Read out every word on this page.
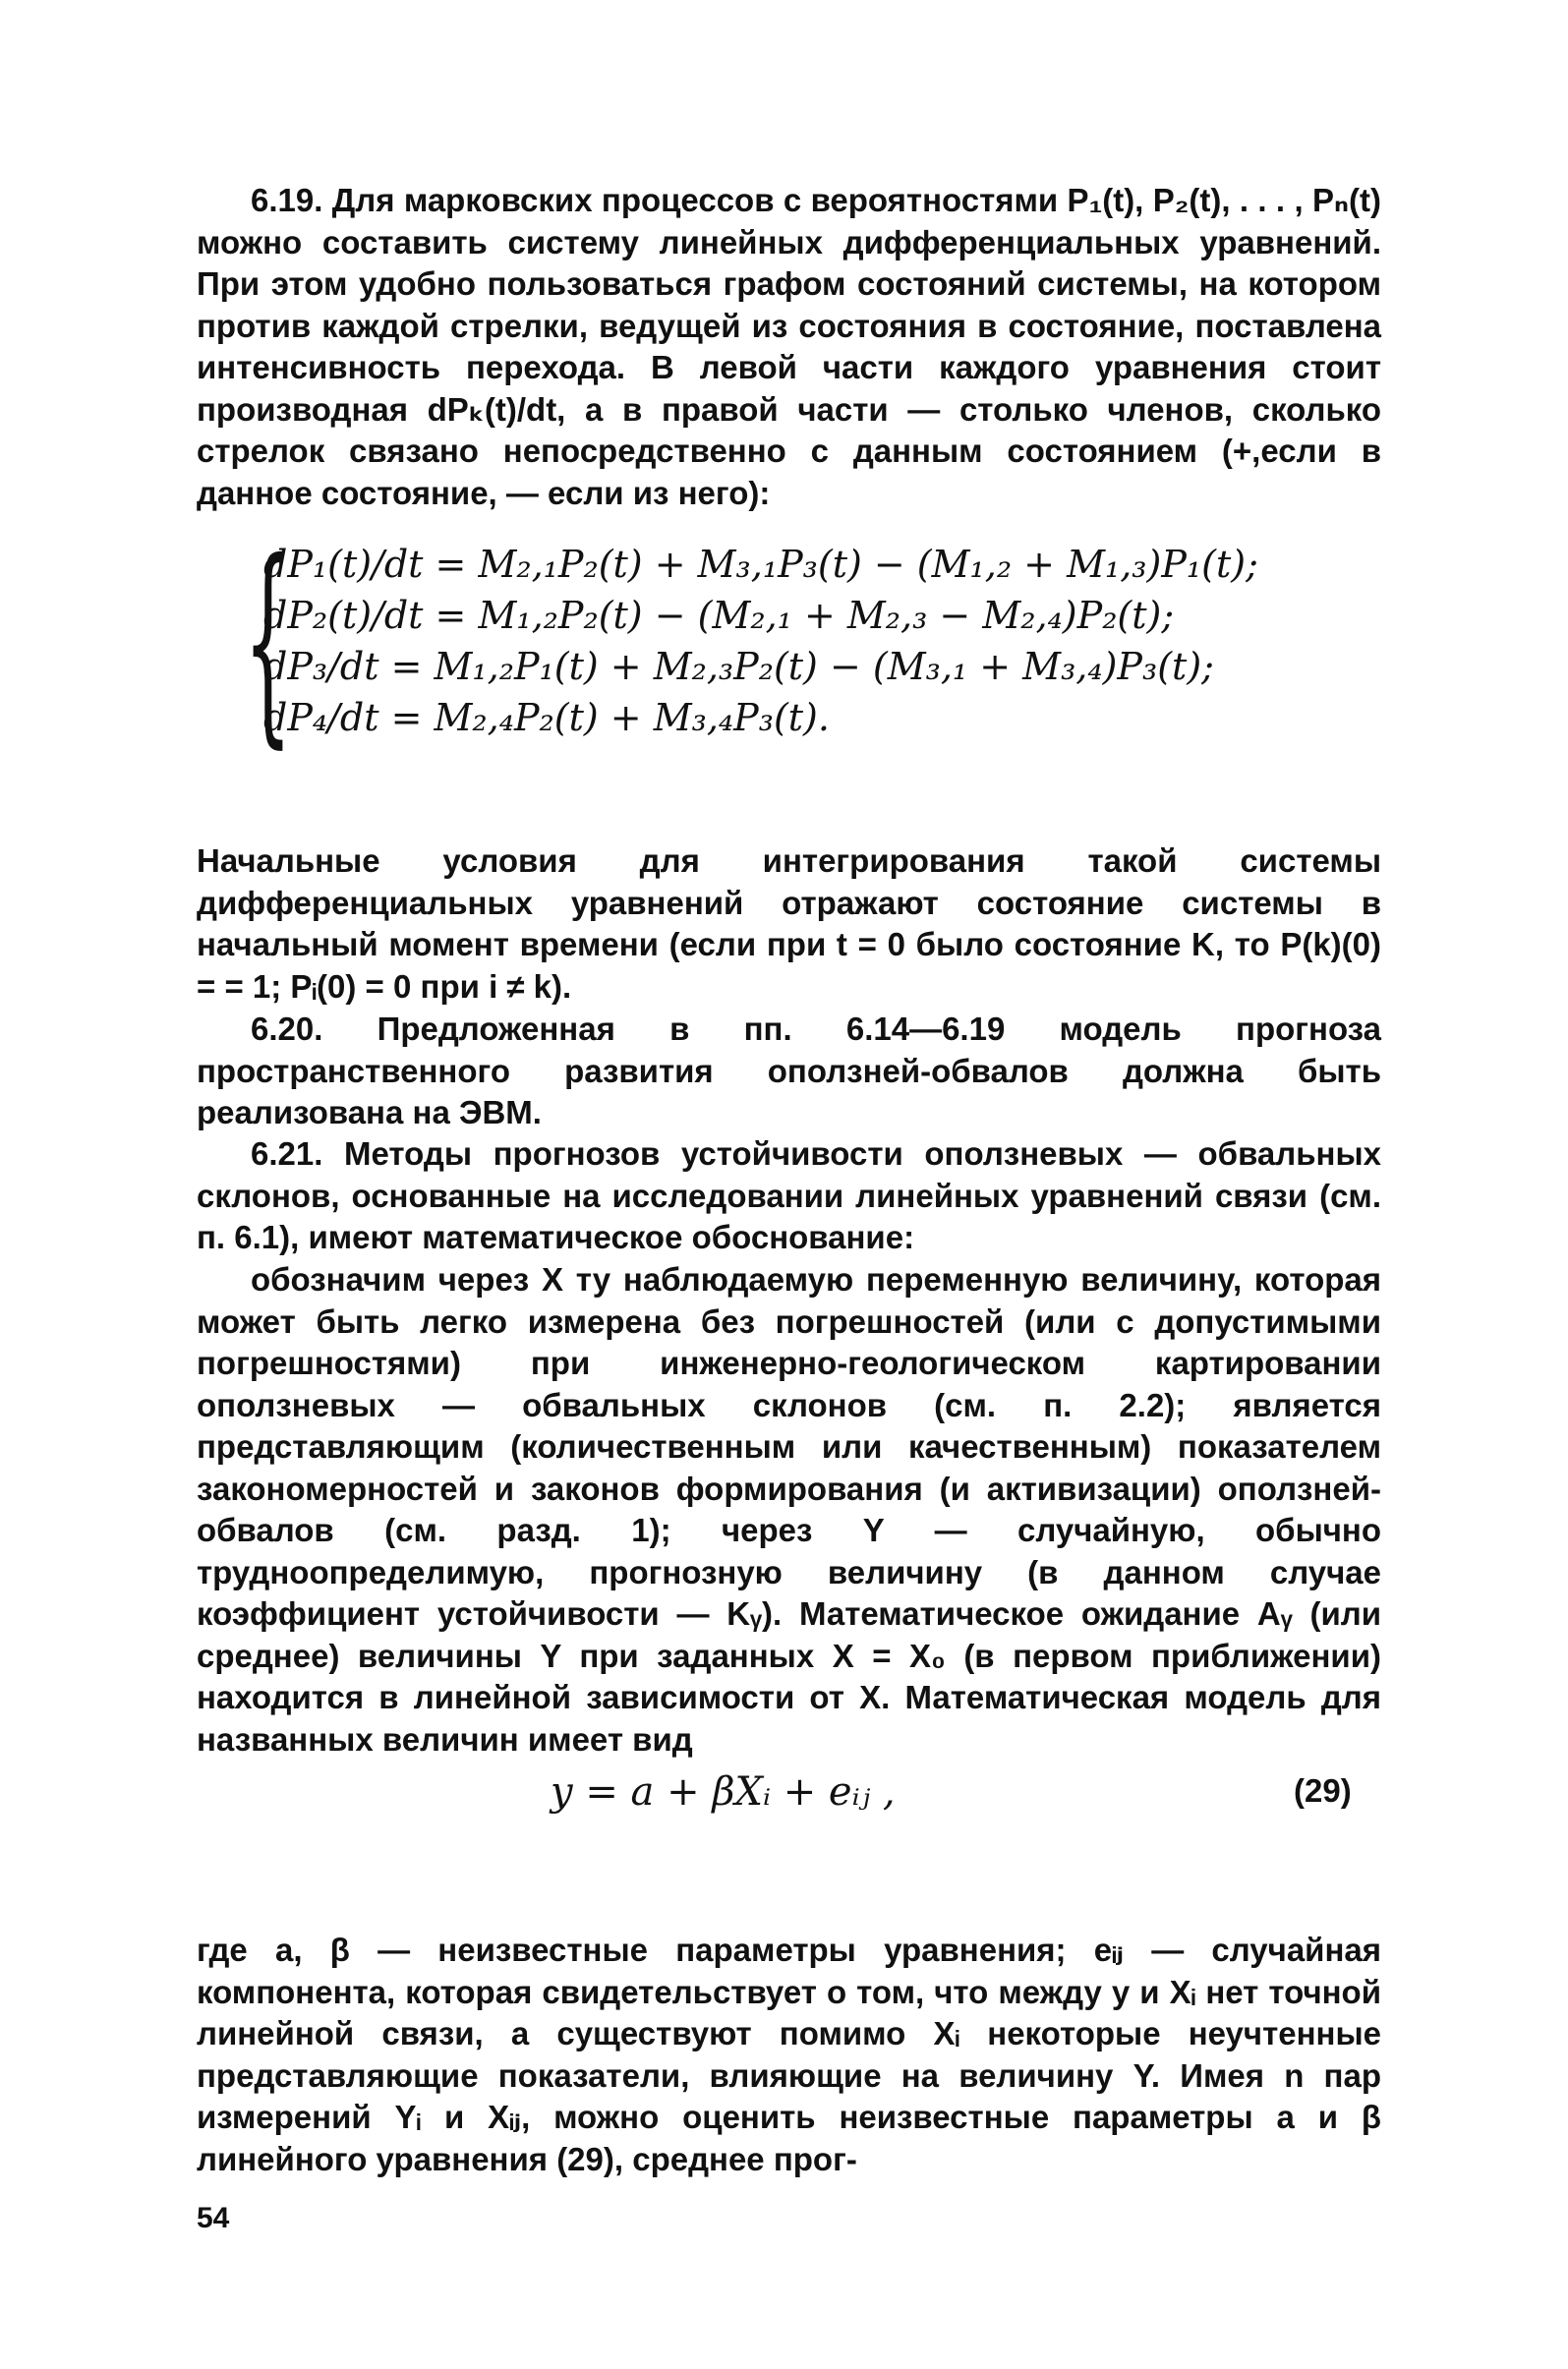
6.19. Для марковских процессов с вероятностями P₁(t), P₂(t), . . . , Pₙ(t) можно составить систему линейных дифференциальных уравнений. При этом удобно пользоваться графом состояний системы, на котором против каждой стрелки, ведущей из состояния в состояние, поставлена интенсивность перехода. В левой части каждого уравнения стоит производная dPₖ(t)/dt, а в правой части — столько членов, сколько стрелок связано непосредственно с данным состоянием (+,если в данное состояние, — если из него):

{
dP₁(t)/dt = M₂,₁P₂(t) + M₃,₁P₃(t) − (M₁,₂ + M₁,₃)P₁(t);
dP₂(t)/dt = M₁,₂P₂(t) − (M₂,₁ + M₂,₃ − M₂,₄)P₂(t);
dP₃/dt = M₁,₂P₁(t) + M₂,₃P₂(t) − (M₃,₁ + M₃,₄)P₃(t);
dP₄/dt = M₂,₄P₂(t) + M₃,₄P₃(t).

Начальные условия для интегрирования такой системы дифференциальных уравнений отражают состояние системы в начальный момент времени (если при t = 0 было состояние K, то P(k)(0) = = 1; Pᵢ(0) = 0 при i ≠ k).

6.20. Предложенная в пп. 6.14—6.19 модель прогноза пространственного развития оползней-обвалов должна быть реализована на ЭВМ.

6.21. Методы прогнозов устойчивости оползневых — обвальных склонов, основанные на исследовании линейных уравнений связи (см. п. 6.1), имеют математическое обоснование:

обозначим через X ту наблюдаемую переменную величину, которая может быть легко измерена без погрешностей (или с допустимыми погрешностями) при инженерно-геологическом картировании оползневых — обвальных склонов (см. п. 2.2); является представляющим (количественным или качественным) показателем закономерностей и законов формирования (и активизации) оползней-обвалов (см. разд. 1); через Y — случайную, обычно трудноопределимую, прогнозную величину (в данном случае коэффициент устойчивости — Kᵧ). Математическое ожидание Aᵧ (или среднее) величины Y при заданных X = X₀ (в первом приближении) находится в линейной зависимости от X. Математическая модель для названных величин имеет вид

y = a + βXᵢ + eᵢⱼ ,	(29)

где a, β — неизвестные параметры уравнения; eᵢⱼ — случайная компонента, которая свидетельствует о том, что между y и Xᵢ нет точной линейной связи, а существуют помимо Xᵢ некоторые неучтенные представляющие показатели, влияющие на величину Y. Имея n пар измерений Yᵢ и Xᵢⱼ, можно оценить неизвестные параметры a и β линейного уравнения (29), среднее прог-

54
